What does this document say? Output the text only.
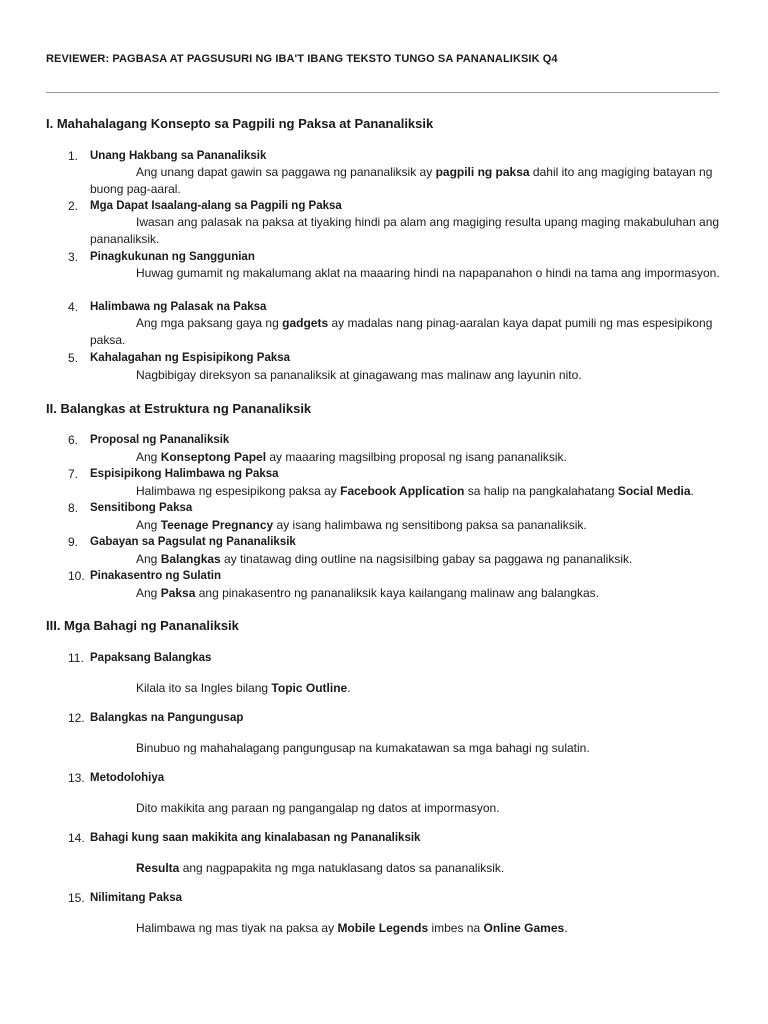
REVIEWER: PAGBASA AT PAGSUSURI NG IBA'T IBANG TEKSTO TUNGO SA PANANALIKSIK Q4
I. Mahahalagang Konsepto sa Pagpili ng Paksa at Pananaliksik
II. Balangkas at Estruktura ng Pananaliksik
III. Mga Bahagi ng Pananaliksik
1. Unang Hakbang sa Pananaliksik
Ang unang dapat gawin sa paggawa ng pananaliksik ay pagpili ng paksa dahil ito ang magiging batayan ng buong pag-aaral.
2. Mga Dapat Isaalang-alang sa Pagpili ng Paksa
Iwasan ang palasak na paksa at tiyaking hindi pa alam ang magiging resulta upang maging makabuluhan ang pananaliksik.
3. Pinagkukunan ng Sanggunian
Huwag gumamit ng makalumang aklat na maaaring hindi na napapanahon o hindi na tama ang impormasyon.
4. Halimbawa ng Palasak na Paksa
Ang mga paksang gaya ng gadgets ay madalas nang pinag-aaralan kaya dapat pumili ng mas espesipikong paksa.
5. Kahalagahan ng Espisipikong Paksa
Nagbibigay direksyon sa pananaliksik at ginagawang mas malinaw ang layunin nito.
6. Proposal ng Pananaliksik
Ang Konseptong Papel ay maaaring magsilbing proposal ng isang pananaliksik.
7. Espisipikong Halimbawa ng Paksa
Halimbawa ng espesipikong paksa ay Facebook Application sa halip na pangkalahatang Social Media.
8. Sensitibong Paksa
Ang Teenage Pregnancy ay isang halimbawa ng sensitibong paksa sa pananaliksik.
9. Gabayan sa Pagsulat ng Pananaliksik
Ang Balangkas ay tinatawag ding outline na nagsisilbing gabay sa paggawa ng pananaliksik.
10. Pinakasentro ng Sulatin
Ang Paksa ang pinakasentro ng pananaliksik kaya kailangang malinaw ang balangkas.
11. Papaksang Balangkas
Kilala ito sa Ingles bilang Topic Outline.
12. Balangkas na Pangungusap
Binubuo ng mahahalagang pangungusap na kumakatawan sa mga bahagi ng sulatin.
13. Metodolohiya
Dito makikita ang paraan ng pangangalap ng datos at impormasyon.
14. Bahagi kung saan makikita ang kinalabasan ng Pananaliksik
Resulta ang nagpapakita ng mga natuklasang datos sa pananaliksik.
15. Nilimitang Paksa
Halimbawa ng mas tiyak na paksa ay Mobile Legends imbes na Online Games.
